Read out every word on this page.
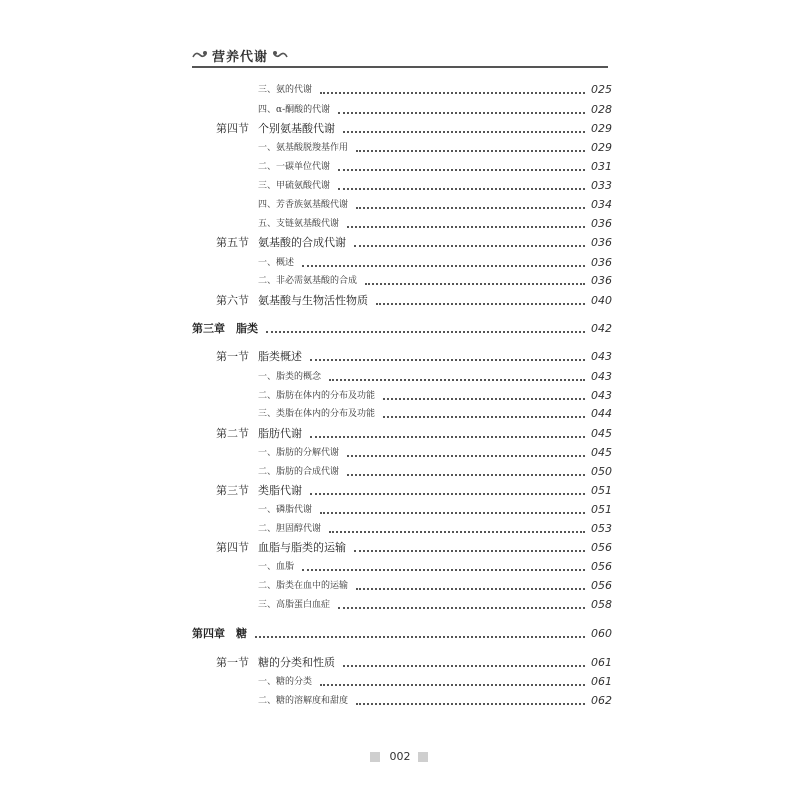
营养代谢
三、氨的代谢	025
四、α-酮酸的代谢	028
第四节 个别氨基酸代谢	029
一、氨基酸脱羧基作用	029
二、一碳单位代谢	031
三、甲硫氨酸代谢	033
四、芳香族氨基酸代谢	034
五、支链氨基酸代谢	036
第五节 氨基酸的合成代谢	036
一、概述	036
二、非必需氨基酸的合成	036
第六节 氨基酸与生物活性物质	040
第三章　脂类	042
第一节 脂类概述	043
一、脂类的概念	043
二、脂肪在体内的分布及功能	043
三、类脂在体内的分布及功能	044
第二节 脂肪代谢	045
一、脂肪的分解代谢	045
二、脂肪的合成代谢	050
第三节 类脂代谢	051
一、磷脂代谢	051
二、胆固醇代谢	053
第四节 血脂与脂类的运输	056
一、血脂	056
二、脂类在血中的运输	056
三、高脂蛋白血症	058
第四章　糖	060
第一节 糖的分类和性质	061
一、糖的分类	061
二、糖的溶解度和甜度	062
002
